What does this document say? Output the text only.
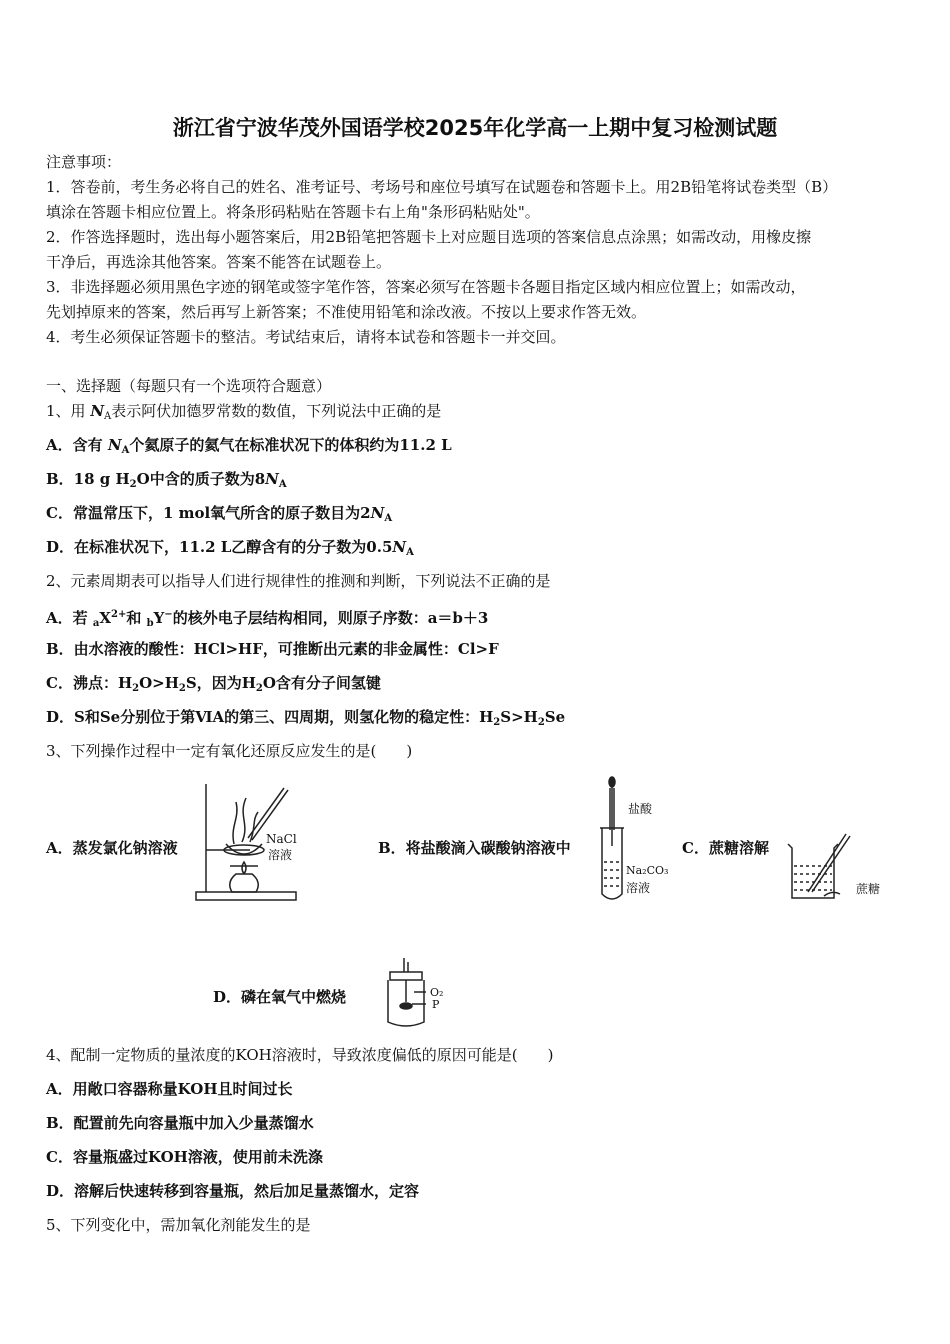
浙江省宁波华茂外国语学校2025年化学高一上期中复习检测试题
注意事项：
1．答卷前，考生务必将自己的姓名、准考证号、考场号和座位号填写在试题卷和答题卡上。用2B铅笔将试卷类型（B）
填涂在答题卡相应位置上。将条形码粘贴在答题卡右上角"条形码粘贴处"。
2．作答选择题时，选出每小题答案后，用2B铅笔把答题卡上对应题目选项的答案信息点涂黑；如需改动，用橡皮擦
干净后，再选涂其他答案。答案不能答在试题卷上。
3．非选择题必须用黑色字迹的钢笔或签字笔作答，答案必须写在答题卡各题目指定区域内相应位置上；如需改动，
先划掉原来的答案，然后再写上新答案；不准使用铅笔和涂改液。不按以上要求作答无效。
4．考生必须保证答题卡的整洁。考试结束后，请将本试卷和答题卡一并交回。
一、选择题（每题只有一个选项符合题意）
1、用 $N_A$表示阿伏加德罗常数的数值，下列说法中正确的是
A．含有 $N_A$个氦原子的氦气在标准状况下的体积约为11.2 L
B．18 g $H_2O$中含的质子数为$8N_A$
C．常温常压下，1 mol氧气所含的原子数目为$2N_A$
D．在标准状况下，11.2 L乙醇含有的分子数为$0.5N_A$
2、元素周期表可以指导人们进行规律性的推测和判断，下列说法不正确的是
A．若 $_aX^{2+}$和 $_b$Y−的核外电子层结构相同，则原子序数：a＝b＋3
B．由水溶液的酸性：HCl>HF，可推断出元素的非金属性：Cl>F
C．沸点：$H_2O>H_2S$，因为$H_2O$含有分子间氢键
D．S和Se分别位于第ⅥA的第三、四周期，则氢化物的稳定性：$H_2S>H_2Se$
3、下列操作过程中一定有氧化还原反应发生的是(　　)
A．蒸发氯化钠溶液	NaCl
溶液	B．将盐酸滴入碳酸钠溶液中
盐酸
Na₂CO₃
溶液
C．蔗糖溶解
蔗糖
D．磷在氧气中燃烧	O₂
P
4、配制一定物质的量浓度的KOH溶液时，导致浓度偏低的原因可能是(　　)
A．用敞口容器称量KOH且时间过长
B．配置前先向容量瓶中加入少量蒸馏水
C．容量瓶盛过KOH溶液，使用前未洗涤
D．溶解后快速转移到容量瓶，然后加足量蒸馏水，定容
5、下列变化中，需加氧化剂能发生的是
